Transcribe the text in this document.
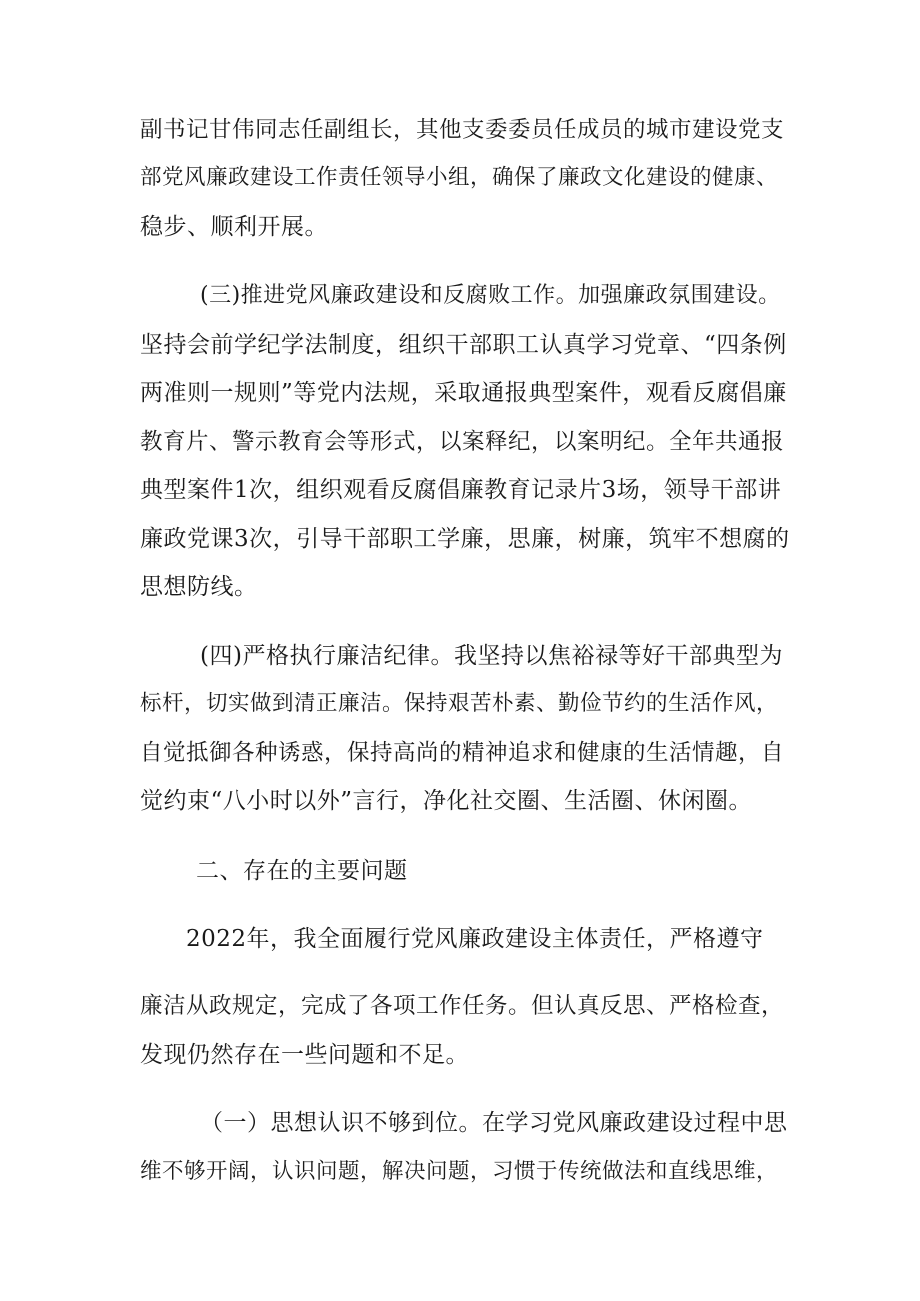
副书记甘伟同志任副组长，其他支委委员任成员的城市建设党支
部党风廉政建设工作责任领导小组，确保了廉政文化建设的健康、
稳步、顺利开展。
(三)推进党风廉政建设和反腐败工作。加强廉政氛围建设。
坚持会前学纪学法制度，组织干部职工认真学习党章、“四条例
两准则一规则”等党内法规，采取通报典型案件，观看反腐倡廉
教育片、警示教育会等形式，以案释纪，以案明纪。全年共通报
典型案件1次，组织观看反腐倡廉教育记录片3场，领导干部讲
廉政党课3次，引导干部职工学廉，思廉，树廉，筑牢不想腐的
思想防线。
(四)严格执行廉洁纪律。我坚持以焦裕禄等好干部典型为
标杆，切实做到清正廉洁。保持艰苦朴素、勤俭节约的生活作风，
自觉抵御各种诱惑，保持高尚的精神追求和健康的生活情趣，自
觉约束“八小时以外”言行，净化社交圈、生活圈、休闲圈。
二、存在的主要问题
2022年，我全面履行党风廉政建设主体责任，严格遵守
廉洁从政规定，完成了各项工作任务。但认真反思、严格检查，
发现仍然存在一些问题和不足。
（一）思想认识不够到位。在学习党风廉政建设过程中思
维不够开阔，认识问题，解决问题，习惯于传统做法和直线思维，
